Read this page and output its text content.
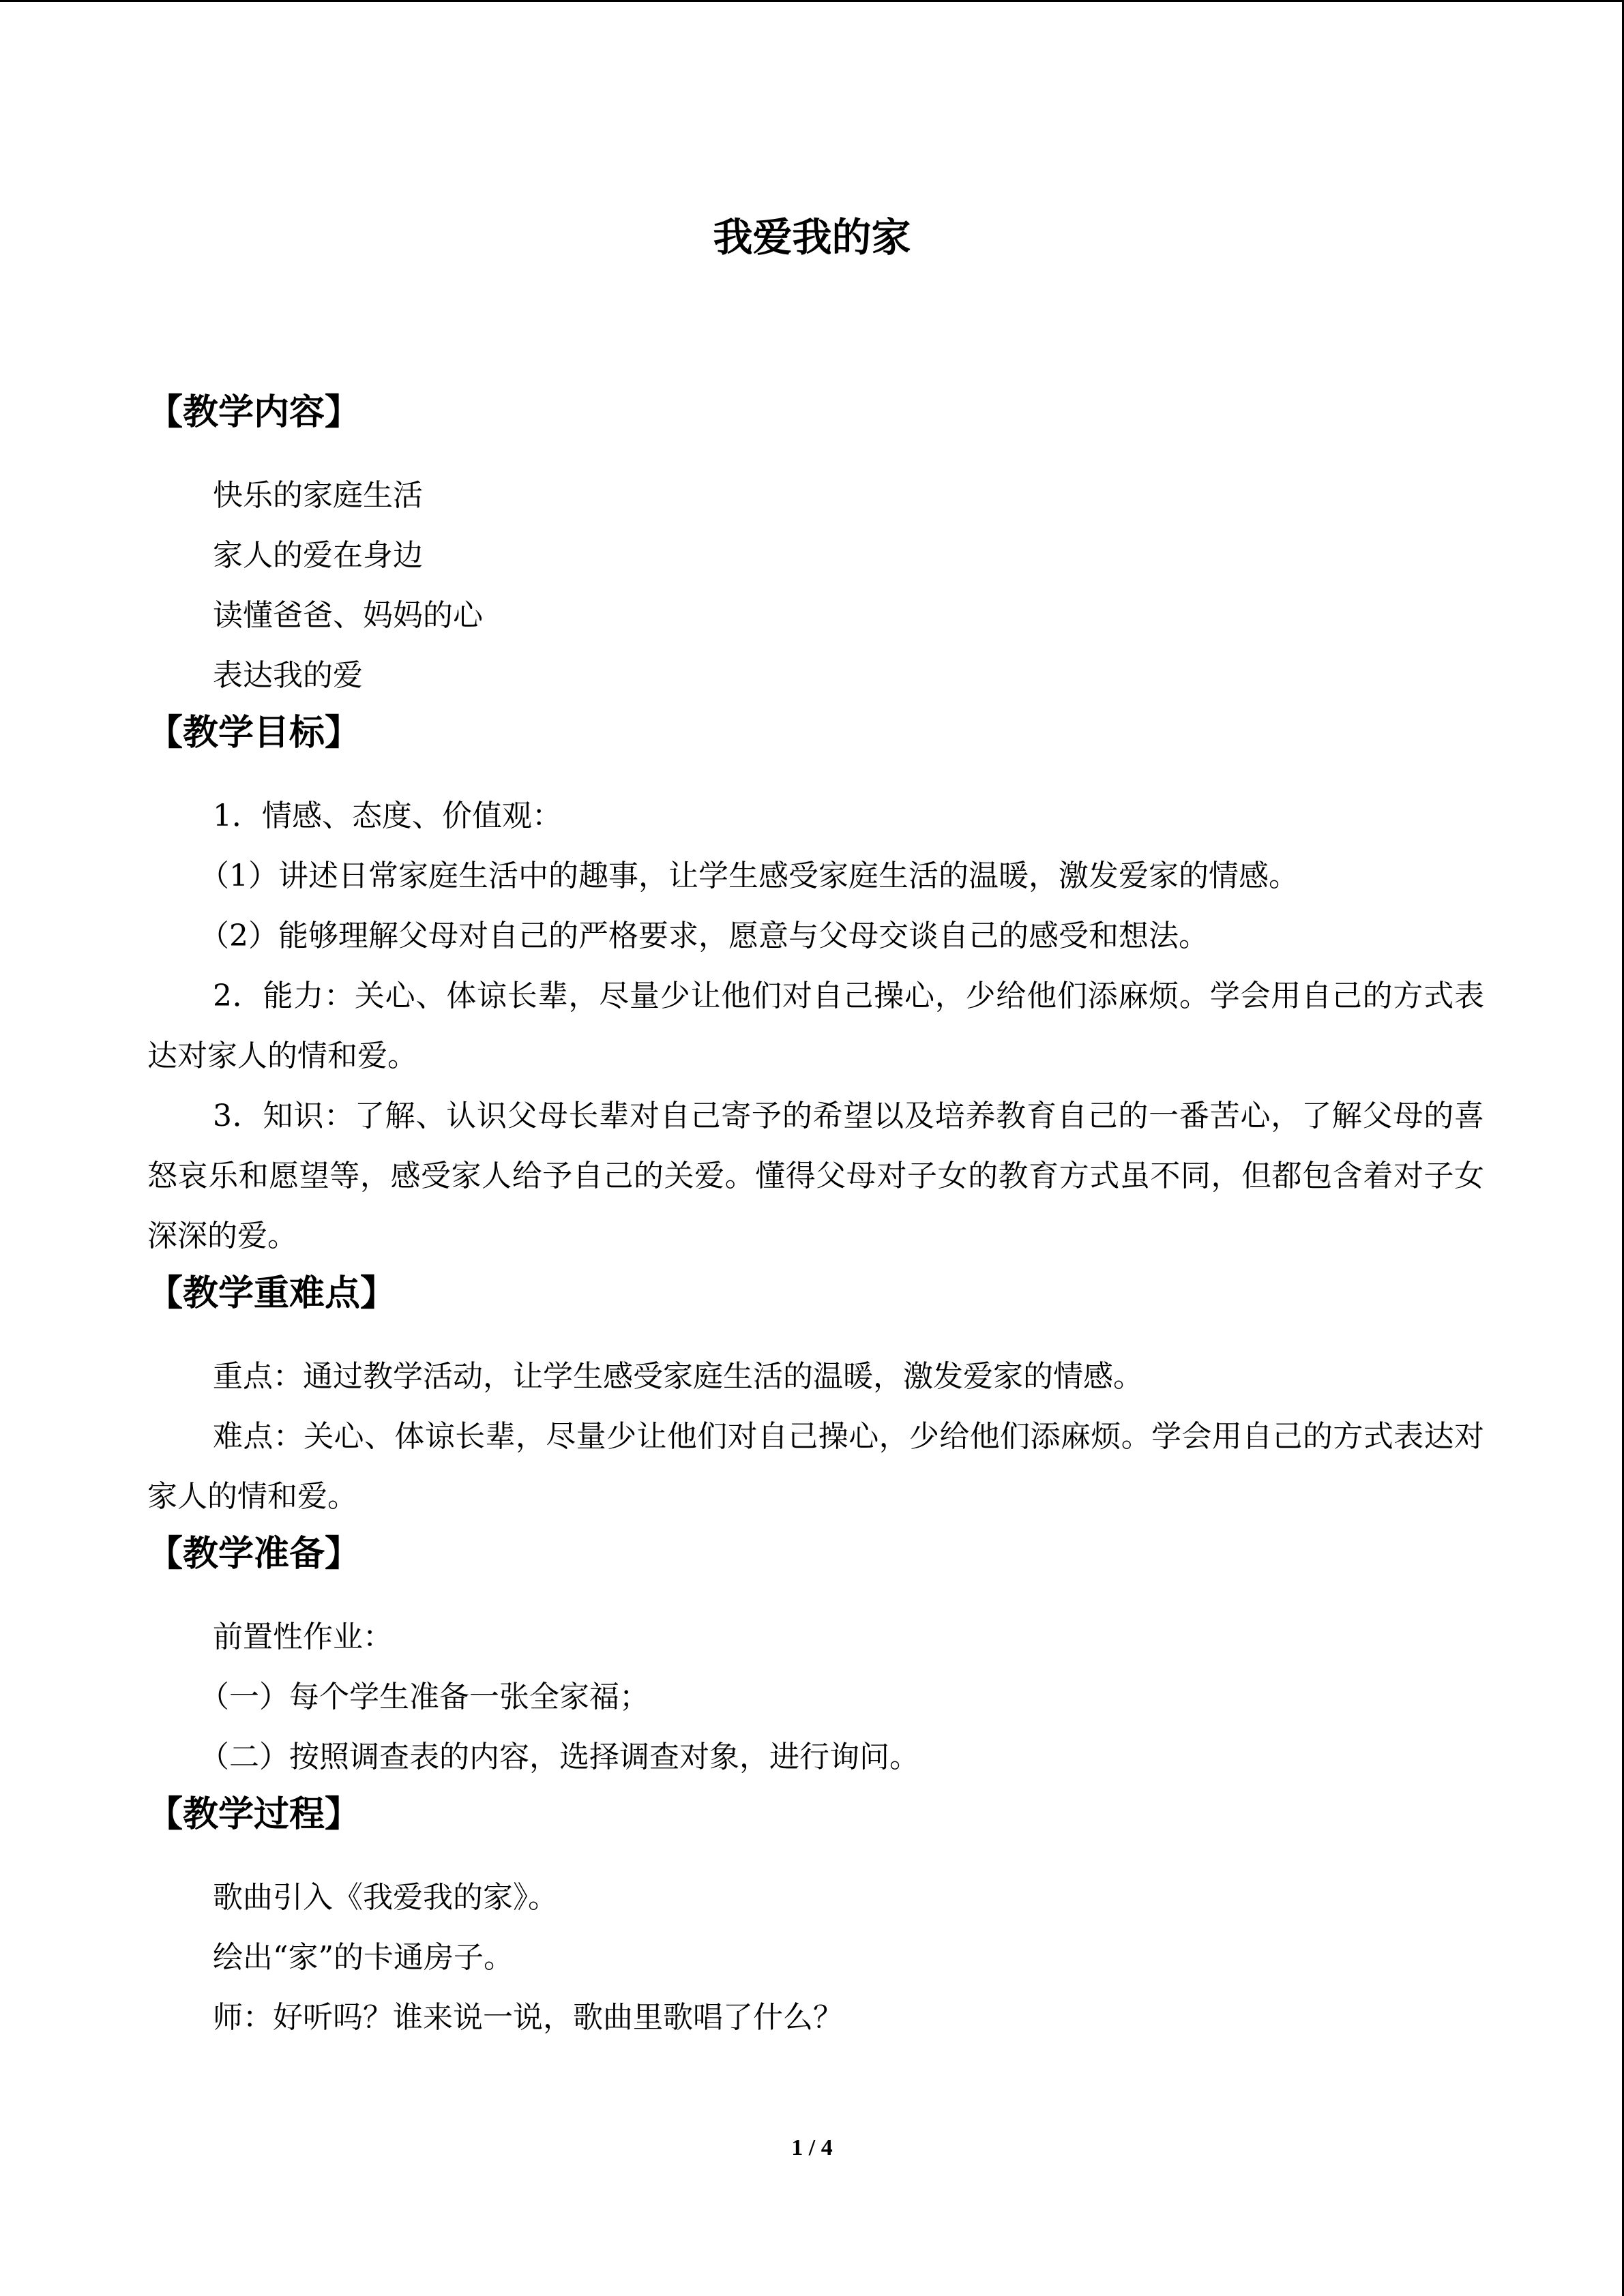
我爱我的家
【教学内容】

快乐的家庭生活

家人的爱在身边

读懂爸爸、妈妈的心

表达我的爱

【教学目标】

1．情感、态度、价值观：

（1）讲述日常家庭生活中的趣事，让学生感受家庭生活的温暖，激发爱家的情感。

（2）能够理解父母对自己的严格要求，愿意与父母交谈自己的感受和想法。

2．能力：关心、体谅长辈，尽量少让他们对自己操心，少给他们添麻烦。学会用自己的方式表达对家人的情和爱。

3．知识：了解、认识父母长辈对自己寄予的希望以及培养教育自己的一番苦心，了解父母的喜怒哀乐和愿望等，感受家人给予自己的关爱。懂得父母对子女的教育方式虽不同，但都包含着对子女深深的爱。

【教学重难点】

重点：通过教学活动，让学生感受家庭生活的温暖，激发爱家的情感。

难点：关心、体谅长辈，尽量少让他们对自己操心，少给他们添麻烦。学会用自己的方式表达对家人的情和爱。

【教学准备】

前置性作业：

（一）每个学生准备一张全家福；

（二）按照调查表的内容，选择调查对象，进行询问。

【教学过程】

歌曲引入《我爱我的家》。

绘出“家”的卡通房子。

师：好听吗？谁来说一说，歌曲里歌唱了什么？

1 / 4
